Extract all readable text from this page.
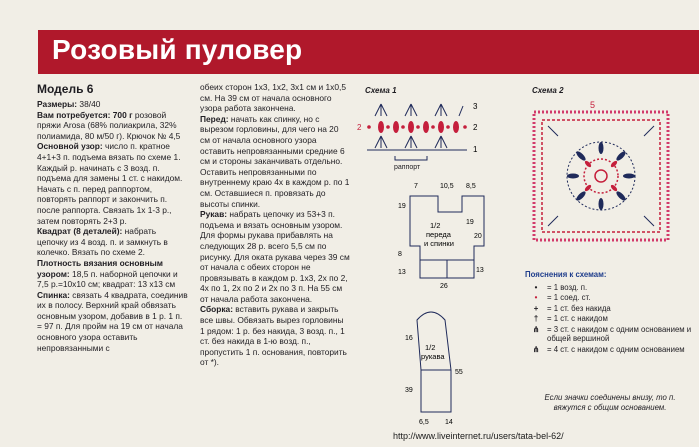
Розовый пуловер
Модель 6

Размеры: 38/40

Вам потребуется: 700 г розовой пряжи Arosa (68% полиакрила, 32% полиамида, 80 м/50 г). Крючок № 4,5

Основной узор: число п. кратное 4+1+3 п. подъема вязать по схеме 1. Каждый р. начинать с 3 возд. п. подъема для замены 1 ст. с накидом. Начать с п. перед раппортом, повторять раппорт и закончить п. после раппорта. Связать 1х 1-3 р., затем повторять 2+3 р.

Квадрат (8 деталей): набрать цепочку из 4 возд. п. и замкнуть в колечко. Вязать по схеме 2.

Плотность вязания основным узором: 18,5 п. наборной цепочки и 7,5 р.=10х10 см; квадрат: 13 х13 см

Спинка: связать 4 квадрата, соединив их в полосу. Верхний край обвязать основным узором, добавив в 1 р. 1 п. = 97 п. Для пройм на 19 см от начала основного узора оставить непровязанными с

обеих сторон 1х3, 1х2, 3х1 см и 1х0,5 см. На 39 см от начала основного узора работа закончена.

Перед: начать как спинку, но с вырезом горловины, для чего на 20 см от начала основного узора оставить непровязанными средние 6 см и стороны заканчивать отдельно. Оставить непровязанными по внутреннему краю 4х в каждом р. по 1 см. Оставшиеся п. провязать до высоты спинки.

Рукав: набрать цепочку из 53+3 п. подъема и вязать основным узором. Для формы рукава прибавлять на следующих 28 р. всего 5,5 см по рисунку. Для оката рукава через 39 см от начала с обеих сторон не провязывать в каждом р. 1х3, 2х по 2, 4х по 1, 2х по 2 и 2х по 3 п. На 55 см от начала работа закончена.

Сборка: вставить рукава и закрыть все швы. Обвязать вырез горловины 1 рядом: 1 р. без накида, 3 возд. п., 1 ст. без накида в 1-ю возд. п., пропустить 1 п. основания, повторить от *).

Схема 1
3
2
1
2
раппорт
1/2
переда
и спинки
7	10,5 8,5
19
8
13
19
20
13
26
1/2
рукава
16
39
55
6,5 14
Схема 2
5
Пояснения к схемам:
•	= 1 возд. п.
•	= 1 соед. ст.
+	= 1 ст. без накида
†	= 1 ст. с накидом
⋔ = 3 ст. с накидом с одним основанием и общей вершиной
⋔ = 4 ст. с накидом с одним основанием
Если значки соединены внизу, то п. вяжутся с общим основанием.
http://www.liveinternet.ru/users/tata-bel-62/
